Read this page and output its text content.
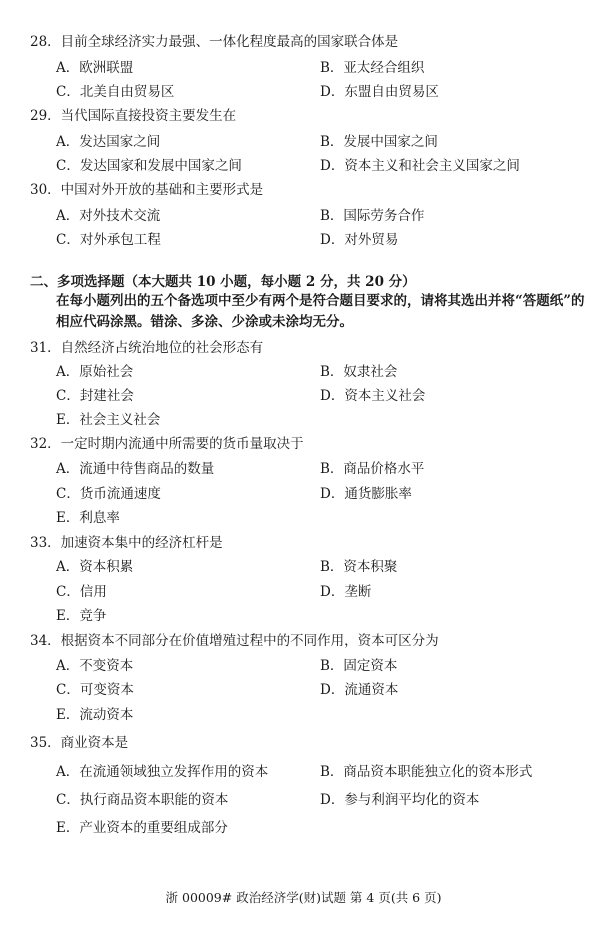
28．目前全球经济实力最强、一体化程度最高的国家联合体是
A．欧洲联盟	B．亚太经合组织
C．北美自由贸易区	D．东盟自由贸易区
29．当代国际直接投资主要发生在
A．发达国家之间	B．发展中国家之间
C．发达国家和发展中国家之间	D．资本主义和社会主义国家之间
30．中国对外开放的基础和主要形式是
A．对外技术交流	B．国际劳务合作
C．对外承包工程	D．对外贸易
二、多项选择题（本大题共 10 小题，每小题 2 分，共 20 分）
在每小题列出的五个备选项中至少有两个是符合题目要求的，请将其选出并将“答题纸”的相应代码涂黑。错涂、多涂、少涂或未涂均无分。
31．自然经济占统治地位的社会形态有
A．原始社会	B．奴隶社会
C．封建社会	D．资本主义社会
E．社会主义社会
32．一定时期内流通中所需要的货币量取决于
A．流通中待售商品的数量	B．商品价格水平
C．货币流通速度	D．通货膨胀率
E．利息率
33．加速资本集中的经济杠杆是
A．资本积累	B．资本积聚
C．信用	D．垄断
E．竞争
34．根据资本不同部分在价值增殖过程中的不同作用，资本可区分为
A．不变资本	B．固定资本
C．可变资本	D．流通资本
E．流动资本
35．商业资本是
A．在流通领域独立发挥作用的资本	B．商品资本职能独立化的资本形式
C．执行商品资本职能的资本	D．参与利润平均化的资本
E．产业资本的重要组成部分
浙 00009# 政治经济学(财)试题 第 4 页(共 6 页)
